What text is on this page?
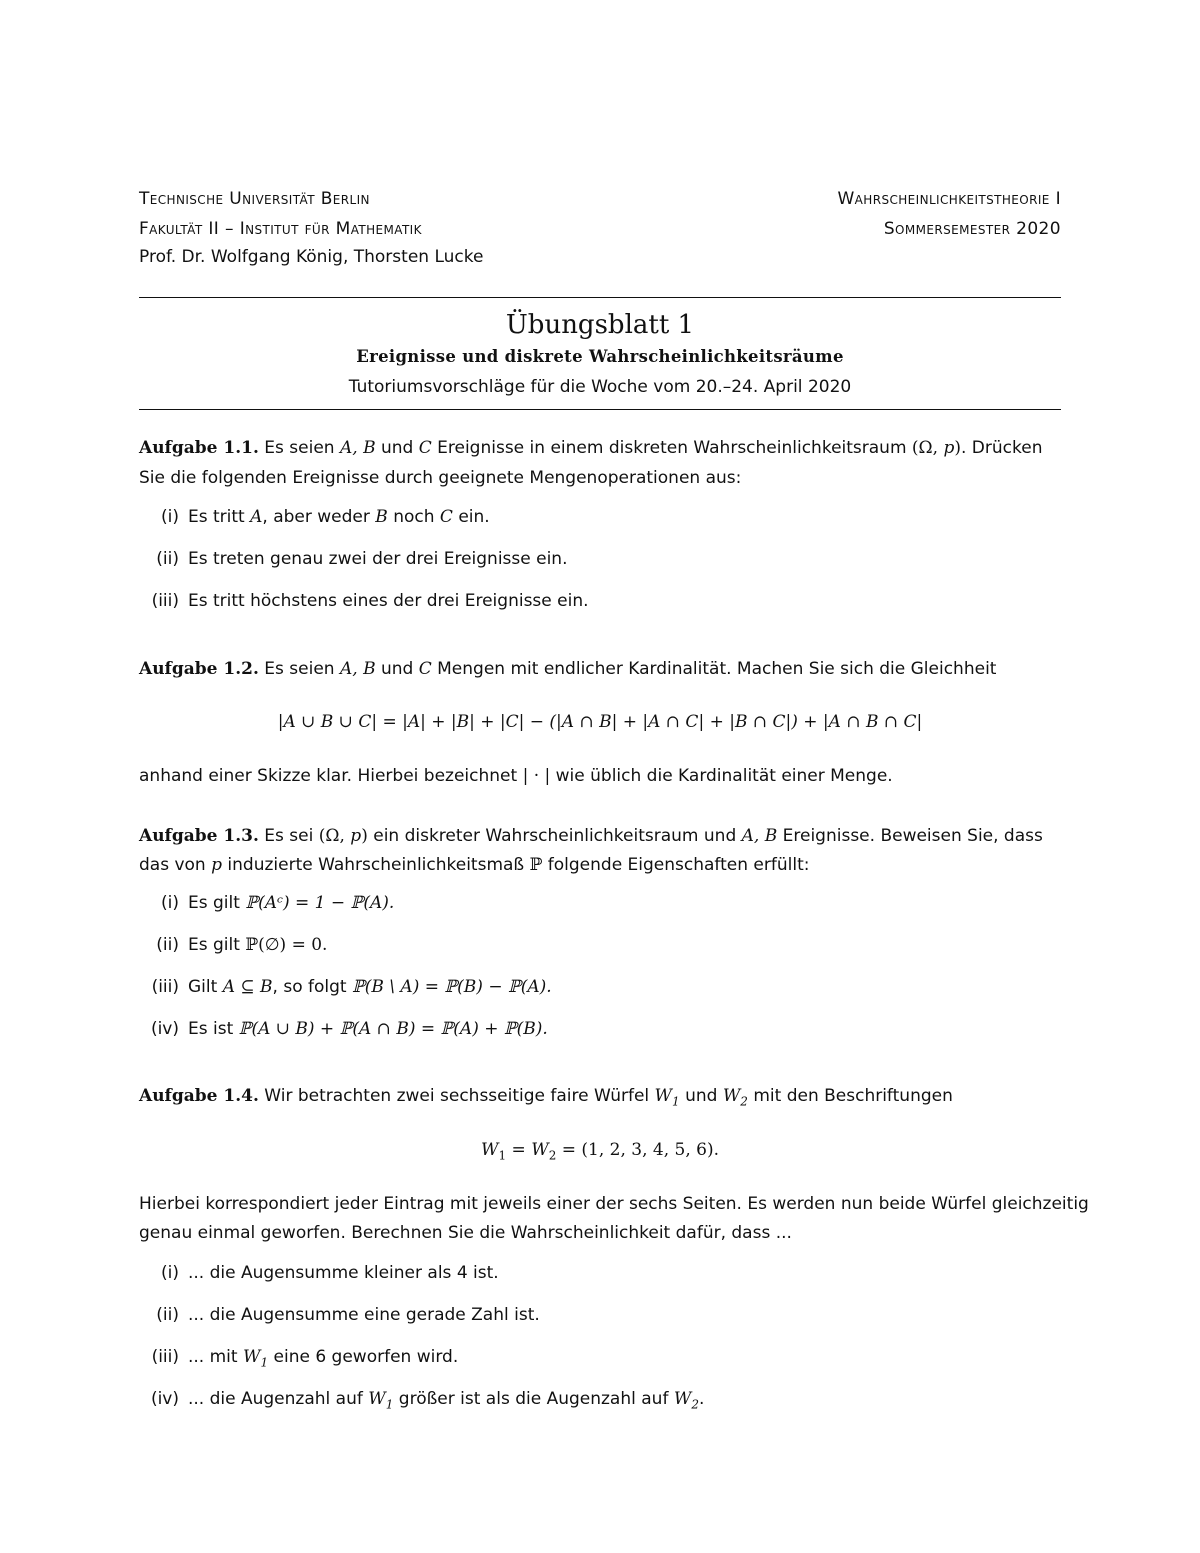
Technische Universität Berlin
Fakultät II – Institut für Mathematik
Prof. Dr. Wolfgang König, Thorsten Lucke
Wahrscheinlichkeitstheorie I
Sommersemester 2020
Übungsblatt 1
Ereignisse und diskrete Wahrscheinlichkeitsräume
Tutoriumsvorschläge für die Woche vom 20.–24. April 2020
Aufgabe 1.1. Es seien A, B und C Ereignisse in einem diskreten Wahrscheinlichkeitsraum (Ω, p). Drücken
Sie die folgenden Ereignisse durch geeignete Mengenoperationen aus:
(i) Es tritt A, aber weder B noch C ein.
(ii) Es treten genau zwei der drei Ereignisse ein.
(iii) Es tritt höchstens eines der drei Ereignisse ein.
Aufgabe 1.2. Es seien A, B und C Mengen mit endlicher Kardinalität. Machen Sie sich die Gleichheit
|A ∪ B ∪ C| = |A| + |B| + |C| − (|A ∩ B| + |A ∩ C| + |B ∩ C|) + |A ∩ B ∩ C|
anhand einer Skizze klar. Hierbei bezeichnet | · | wie üblich die Kardinalität einer Menge.
Aufgabe 1.3. Es sei (Ω, p) ein diskreter Wahrscheinlichkeitsraum und A, B Ereignisse. Beweisen Sie, dass
das von p induzierte Wahrscheinlichkeitsmaß ℙ folgende Eigenschaften erfüllt:
(i) Es gilt ℙ(Aᶜ) = 1 − ℙ(A).
(ii) Es gilt ℙ(∅) = 0.
(iii) Gilt A ⊆ B, so folgt ℙ(B \ A) = ℙ(B) − ℙ(A).
(iv) Es ist ℙ(A ∪ B) + ℙ(A ∩ B) = ℙ(A) + ℙ(B).
Aufgabe 1.4. Wir betrachten zwei sechsseitige faire Würfel $W_1$ und $W_2$ mit den Beschriftungen
$W_1 = W_2 = (1$, 2, 3, 4, 5, 6).
Hierbei korrespondiert jeder Eintrag mit jeweils einer der sechs Seiten. Es werden nun beide Würfel gleichzeitig
genau einmal geworfen. Berechnen Sie die Wahrscheinlichkeit dafür, dass ...
(i) ... die Augensumme kleiner als 4 ist.
(ii) ... die Augensumme eine gerade Zahl ist.
(iii) ... mit $W_1$ eine 6 geworfen wird.
(iv) ... die Augenzahl auf $W_1$ größer ist als die Augenzahl auf $W_2$.
